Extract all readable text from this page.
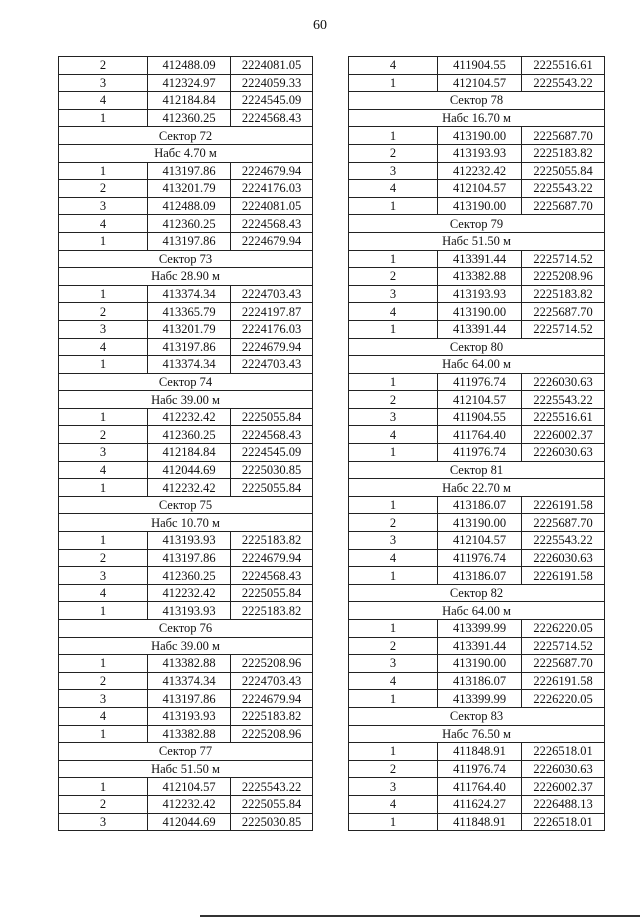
60
2	412488.09	2224081.05
3	412324.97	2224059.33
4	412184.84	2224545.09
1	412360.25	2224568.43
Сектор 72		
Набс 4.70 м		
1	413197.86	2224679.94
2	413201.79	2224176.03
3	412488.09	2224081.05
4	412360.25	2224568.43
1	413197.86	2224679.94
Сектор 73		
Набс 28.90 м		
1	413374.34	2224703.43
2	413365.79	2224197.87
3	413201.79	2224176.03
4	413197.86	2224679.94
1	413374.34	2224703.43
Сектор 74		
Набс 39.00 м		
1	412232.42	2225055.84
2	412360.25	2224568.43
3	412184.84	2224545.09
4	412044.69	2225030.85
1	412232.42	2225055.84
Сектор 75		
Набс 10.70 м		
1	413193.93	2225183.82
2	413197.86	2224679.94
3	412360.25	2224568.43
4	412232.42	2225055.84
1	413193.93	2225183.82
Сектор 76		
Набс 39.00 м		
1	413382.88	2225208.96
2	413374.34	2224703.43
3	413197.86	2224679.94
4	413193.93	2225183.82
1	413382.88	2225208.96
Сектор 77		
Набс 51.50 м		
1	412104.57	2225543.22
2	412232.42	2225055.84
3	412044.69	2225030.85
4	411904.55	2225516.61
1	412104.57	2225543.22
Сектор 78		
Набс 16.70 м		
1	413190.00	2225687.70
2	413193.93	2225183.82
3	412232.42	2225055.84
4	412104.57	2225543.22
1	413190.00	2225687.70
Сектор 79		
Набс 51.50 м		
1	413391.44	2225714.52
2	413382.88	2225208.96
3	413193.93	2225183.82
4	413190.00	2225687.70
1	413391.44	2225714.52
Сектор 80		
Набс 64.00 м		
1	411976.74	2226030.63
2	412104.57	2225543.22
3	411904.55	2225516.61
4	411764.40	2226002.37
1	411976.74	2226030.63
Сектор 81		
Набс 22.70 м		
1	413186.07	2226191.58
2	413190.00	2225687.70
3	412104.57	2225543.22
4	411976.74	2226030.63
1	413186.07	2226191.58
Сектор 82		
Набс 64.00 м		
1	413399.99	2226220.05
2	413391.44	2225714.52
3	413190.00	2225687.70
4	413186.07	2226191.58
1	413399.99	2226220.05
Сектор 83		
Набс 76.50 м		
1	411848.91	2226518.01
2	411976.74	2226030.63
3	411764.40	2226002.37
4	411624.27	2226488.13
1	411848.91	2226518.01
